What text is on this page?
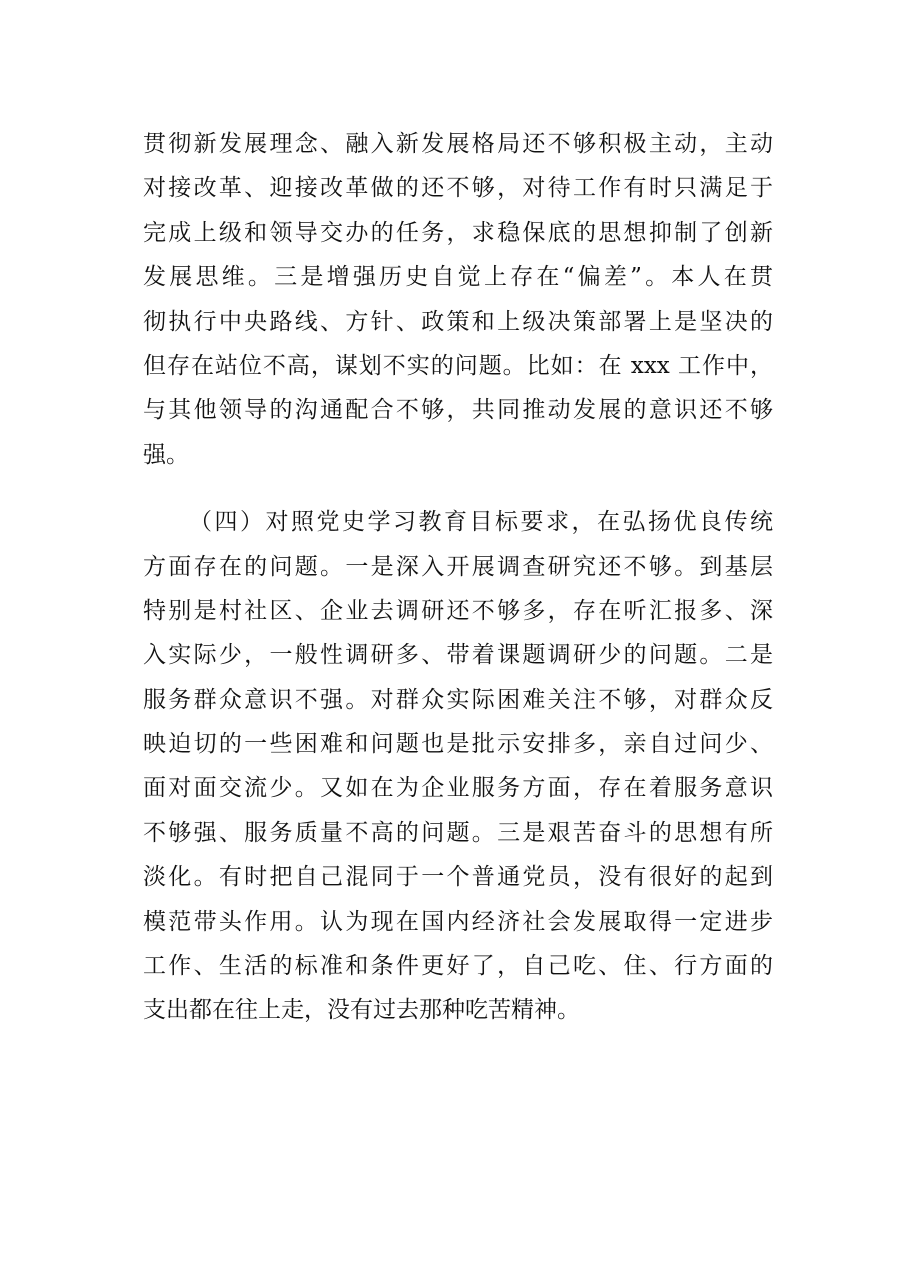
贯彻新发展理念、融入新发展格局还不够积极主动，主动
对接改革、迎接改革做的还不够，对待工作有时只满足于
完成上级和领导交办的任务，求稳保底的思想抑制了创新
发展思维。三是增强历史自觉上存在“偏差”。本人在贯
彻执行中央路线、方针、政策和上级决策部署上是坚决的
但存在站位不高，谋划不实的问题。比如：在 xxx 工作中，
与其他领导的沟通配合不够，共同推动发展的意识还不够
强。
（四）对照党史学习教育目标要求，在弘扬优良传统
方面存在的问题。一是深入开展调查研究还不够。到基层
特别是村社区、企业去调研还不够多，存在听汇报多、深
入实际少，一般性调研多、带着课题调研少的问题。二是
服务群众意识不强。对群众实际困难关注不够，对群众反
映迫切的一些困难和问题也是批示安排多，亲自过问少、
面对面交流少。又如在为企业服务方面，存在着服务意识
不够强、服务质量不高的问题。三是艰苦奋斗的思想有所
淡化。有时把自己混同于一个普通党员，没有很好的起到
模范带头作用。认为现在国内经济社会发展取得一定进步
工作、生活的标准和条件更好了，自己吃、住、行方面的
支出都在往上走，没有过去那种吃苦精神。
